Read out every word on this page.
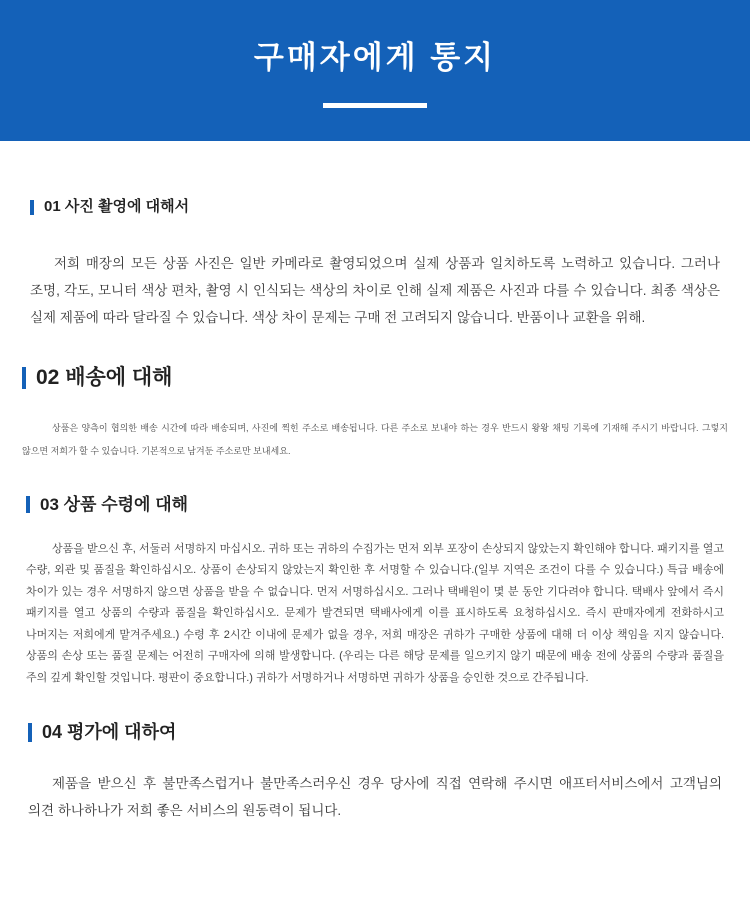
구매자에게 통지
01 사진 촬영에 대해서

저희 매장의 모든 상품 사진은 일반 카메라로 촬영되었으며 실제 상품과 일치하도록 노력하고 있습니다. 그러나 조명, 각도, 모니터 색상 편차, 촬영 시 인식되는 색상의 차이로 인해 실제 제품은 사진과 다를 수 있습니다. 최종 색상은 실제 제품에 따라 달라질 수 있습니다. 색상 차이 문제는 구매 전 고려되지 않습니다. 반품이나 교환을 위해.

02 배송에 대해

상품은 양측이 협의한 배송 시간에 따라 배송되며, 사진에 찍힌 주소로 배송됩니다. 다른 주소로 보내야 하는 경우 반드시 왕왕 채팅 기록에 기재해 주시기 바랍니다. 그렇지 않으면 저희가 할 수 있습니다. 기본적으로 남겨둔 주소로만 보내세요.

03 상품 수령에 대해

상품을 받으신 후, 서둘러 서명하지 마십시오. 귀하 또는 귀하의 수집가는 먼저 외부 포장이 손상되지 않았는지 확인해야 합니다. 패키지를 열고 수량, 외관 및 품질을 확인하십시오. 상품이 손상되지 않았는지 확인한 후 서명할 수 있습니다.(일부 지역은 조건이 다를 수 있습니다.) 특급 배송에 차이가 있는 경우 서명하지 않으면 상품을 받을 수 없습니다. 먼저 서명하십시오. 그러나 택배원이 몇 분 동안 기다려야 합니다. 택배사 앞에서 즉시 패키지를 열고 상품의 수량과 품질을 확인하십시오. 문제가 발견되면 택배사에게 이를 표시하도록 요청하십시오. 즉시 판매자에게 전화하시고 나머지는 저희에게 맡겨주세요.) 수령 후 2시간 이내에 문제가 없을 경우, 저희 매장은 귀하가 구매한 상품에 대해 더 이상 책임을 지지 않습니다. 상품의 손상 또는 품질 문제는 어전히 구매자에 의해 발생합니다. (우리는 다른 해당 문제를 일으키지 않기 때문에 배송 전에 상품의 수량과 품질을 주의 깊게 확인할 것입니다. 평판이 중요합니다.) 귀하가 서명하거나 서명하면 귀하가 상품을 승인한 것으로 간주됩니다.

04 평가에 대하여

제품을 받으신 후 불만족스럽거나 불만족스러우신 경우 당사에 직접 연락해 주시면 애프터서비스에서 고객님의 의견 하나하나가 저희 좋은 서비스의 원동력이 됩니다.
